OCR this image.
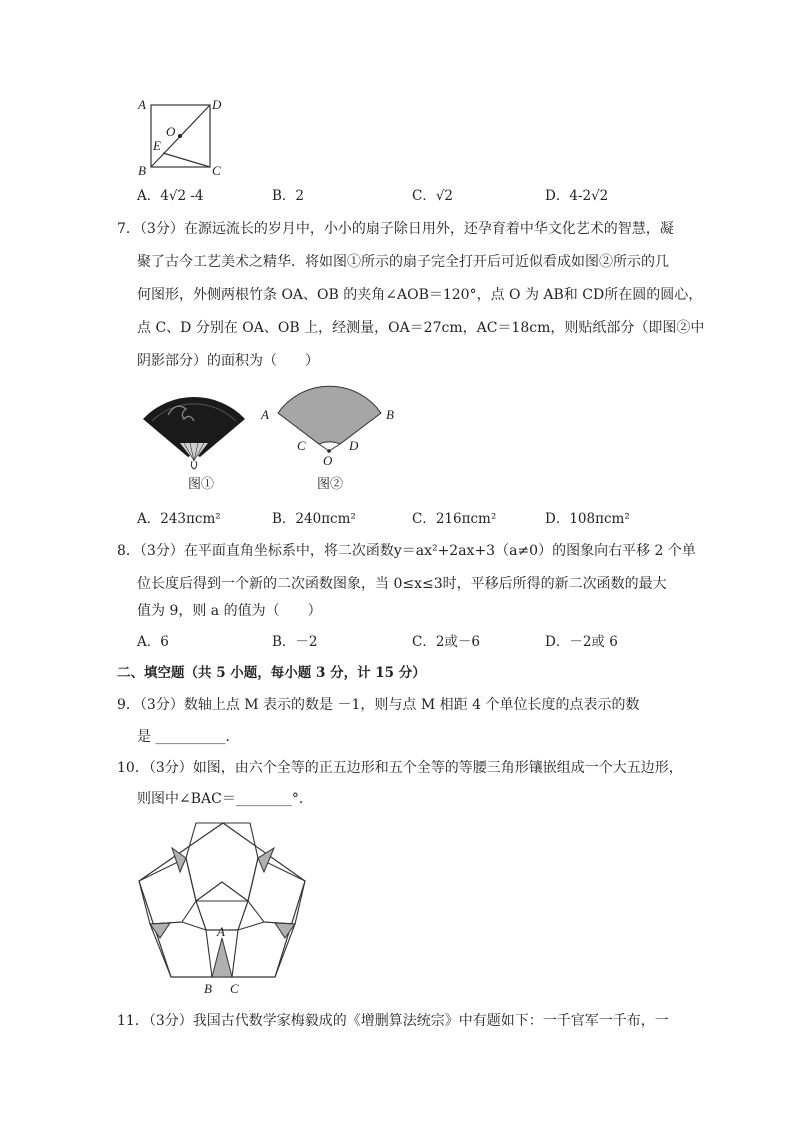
A	D
O
E
B	C
A．4√2 -4	B．2	C．√2	D．4-2√2
7．（3分）在源远流长的岁月中，小小的扇子除日用外，还孕育着中华文化艺术的智慧，凝
聚了古今工艺美术之精华．将如图①所示的扇子完全打开后可近似看成如图②所示的几
何图形，外侧两根竹条 OA、OB 的夹角∠AOB＝120°，点 O 为 AB和 CD所在圆的圆心，
点 C、D 分别在 OA、OB 上，经测量，OA＝27cm，AC＝18cm，则贴纸部分（即图②中
阴影部分）的面积为（　　）
图①
A	B
C	D
O
图②
A．243πcm²	B．240πcm²	C．216πcm²	D．108πcm²
8．（3分）在平面直角坐标系中，将二次函数y＝ax²+2ax+3（a≠0）的图象向右平移 2 个单
位长度后得到一个新的二次函数图象，当 0≤x≤3时，平移后所得的新二次函数的最大
值为 9，则 a 的值为（　　）
A．6	B．－2	C．2或－6	D．－2或 6
二、填空题（共 5 小题，每小题 3 分，计 15 分）
9．（3分）数轴上点 M 表示的数是 －1，则与点 M 相距 4 个单位长度的点表示的数
是 __________．
10．（3分）如图，由六个全等的正五边形和五个全等的等腰三角形镶嵌组成一个大五边形，
则图中∠BAC＝________°．
A
B C
11．（3分）我国古代数学家梅毅成的《增删算法统宗》中有题如下：一千官军一千布，一
